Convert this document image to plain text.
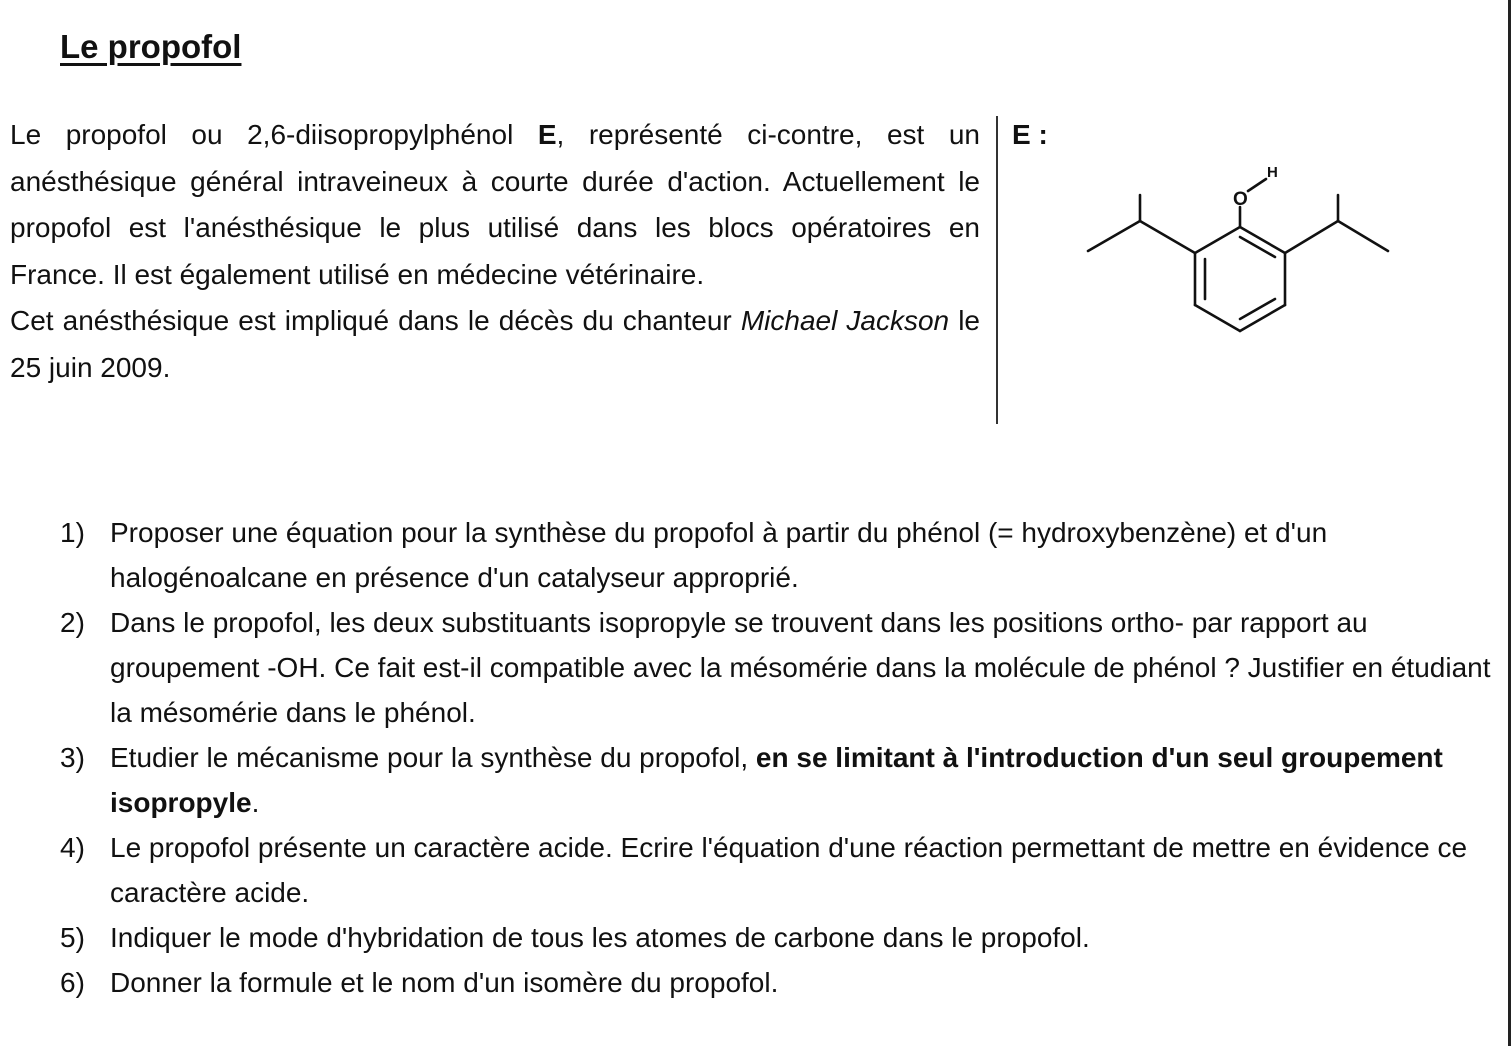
Le propofol

Le propofol ou 2,6-diisopropylphénol E, représenté ci-contre, est un anésthésique général intraveineux à courte durée d'action. Actuellement le propofol est l'anésthésique le plus utilisé dans les blocs opératoires en France. Il est également utilisé en médecine vétérinaire.

Cet anésthésique est impliqué dans le décès du chanteur Michael Jackson le 25 juin 2009.

E :
O
H
1) Proposer une équation pour la synthèse du propofol à partir du phénol (= hydroxybenzène) et d'un halogénoalcane en présence d'un catalyseur approprié.
2) Dans le propofol, les deux substituants isopropyle se trouvent dans les positions ortho- par rapport au groupement -OH. Ce fait est-il compatible avec la mésomérie dans la molécule de phénol ? Justifier en étudiant la mésomérie dans le phénol.
3) Etudier le mécanisme pour la synthèse du propofol, en se limitant à l'introduction d'un seul groupement isopropyle.
4) Le propofol présente un caractère acide. Ecrire l'équation d'une réaction permettant de mettre en évidence ce caractère acide.
5) Indiquer le mode d'hybridation de tous les atomes de carbone dans le propofol.
6) Donner la formule et le nom d'un isomère du propofol.
